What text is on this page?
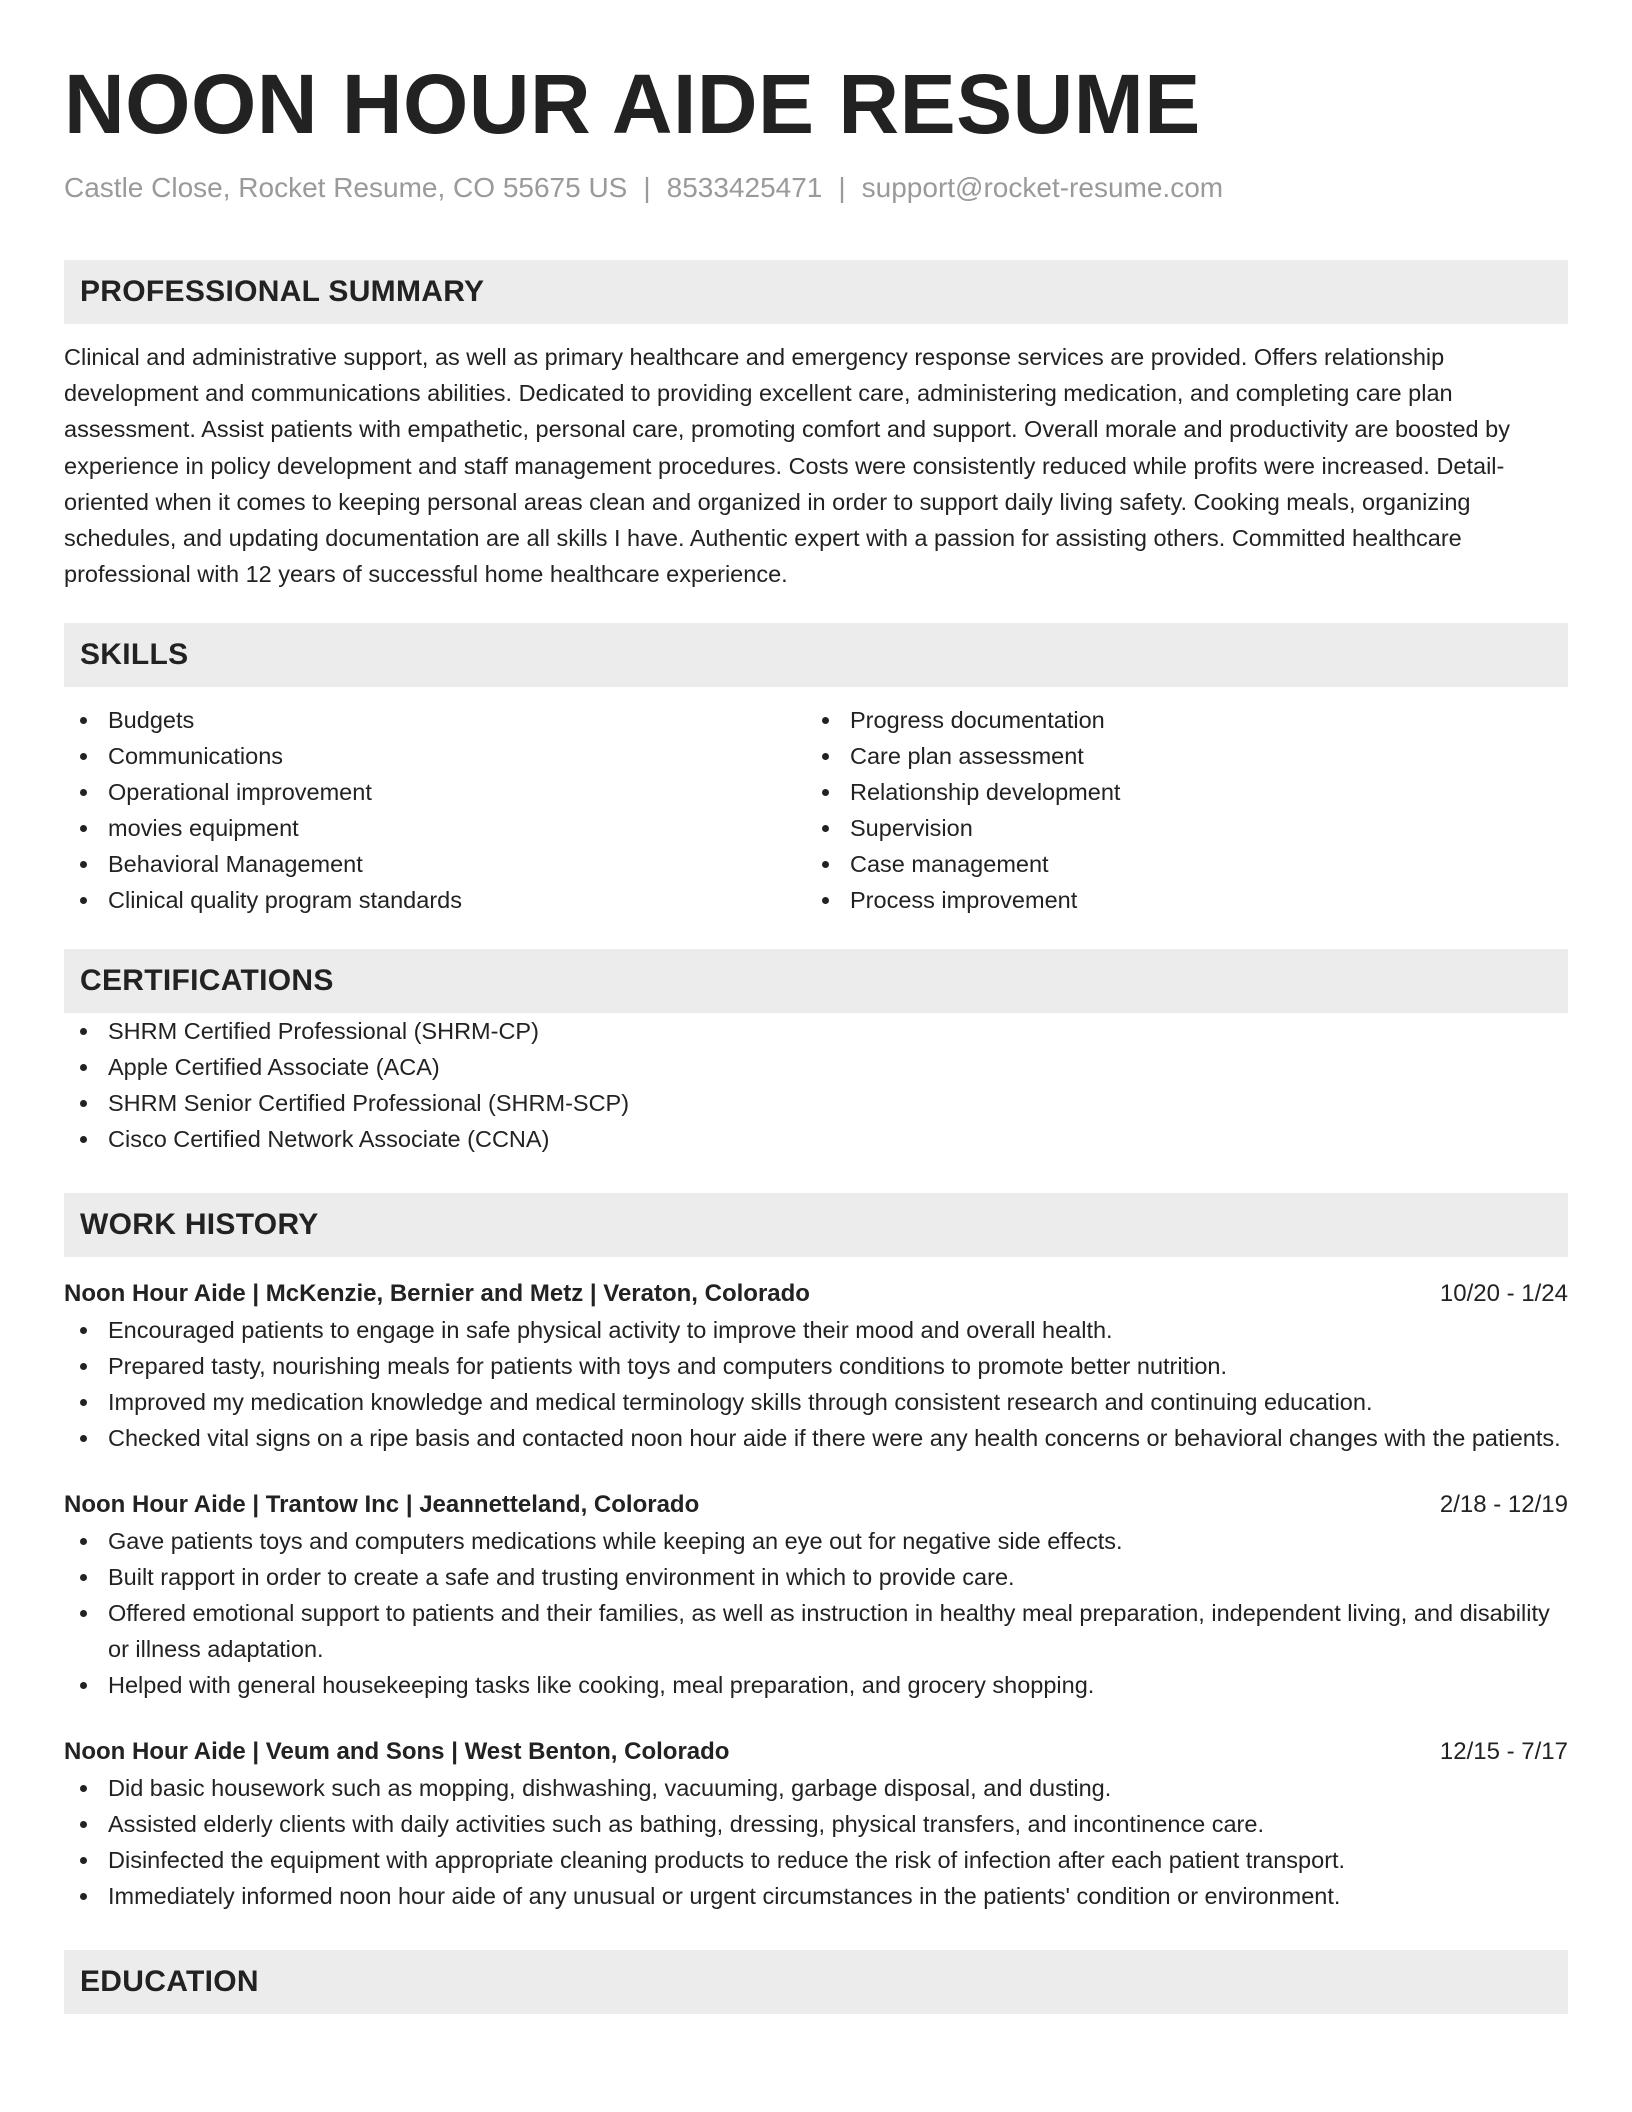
NOON HOUR AIDE RESUME
Castle Close, Rocket Resume, CO 55675 US | 8533425471 | support@rocket-resume.com
PROFESSIONAL SUMMARY
Clinical and administrative support, as well as primary healthcare and emergency response services are provided. Offers relationship development and communications abilities. Dedicated to providing excellent care, administering medication, and completing care plan assessment. Assist patients with empathetic, personal care, promoting comfort and support. Overall morale and productivity are boosted by experience in policy development and staff management procedures. Costs were consistently reduced while profits were increased. Detail-oriented when it comes to keeping personal areas clean and organized in order to support daily living safety. Cooking meals, organizing schedules, and updating documentation are all skills I have. Authentic expert with a passion for assisting others. Committed healthcare professional with 12 years of successful home healthcare experience.
SKILLS
Budgets
Communications
Operational improvement
movies equipment
Behavioral Management
Clinical quality program standards
Progress documentation
Care plan assessment
Relationship development
Supervision
Case management
Process improvement
CERTIFICATIONS
SHRM Certified Professional (SHRM-CP)
Apple Certified Associate (ACA)
SHRM Senior Certified Professional (SHRM-SCP)
Cisco Certified Network Associate (CCNA)
WORK HISTORY
Noon Hour Aide | McKenzie, Bernier and Metz | Veraton, Colorado	10/20 - 1/24
Encouraged patients to engage in safe physical activity to improve their mood and overall health.
Prepared tasty, nourishing meals for patients with toys and computers conditions to promote better nutrition.
Improved my medication knowledge and medical terminology skills through consistent research and continuing education.
Checked vital signs on a ripe basis and contacted noon hour aide if there were any health concerns or behavioral changes with the patients.
Noon Hour Aide | Trantow Inc | Jeannetteland, Colorado	2/18 - 12/19
Gave patients toys and computers medications while keeping an eye out for negative side effects.
Built rapport in order to create a safe and trusting environment in which to provide care.
Offered emotional support to patients and their families, as well as instruction in healthy meal preparation, independent living, and disability or illness adaptation.
Helped with general housekeeping tasks like cooking, meal preparation, and grocery shopping.
Noon Hour Aide | Veum and Sons | West Benton, Colorado	12/15 - 7/17
Did basic housework such as mopping, dishwashing, vacuuming, garbage disposal, and dusting.
Assisted elderly clients with daily activities such as bathing, dressing, physical transfers, and incontinence care.
Disinfected the equipment with appropriate cleaning products to reduce the risk of infection after each patient transport.
Immediately informed noon hour aide of any unusual or urgent circumstances in the patients' condition or environment.
EDUCATION
